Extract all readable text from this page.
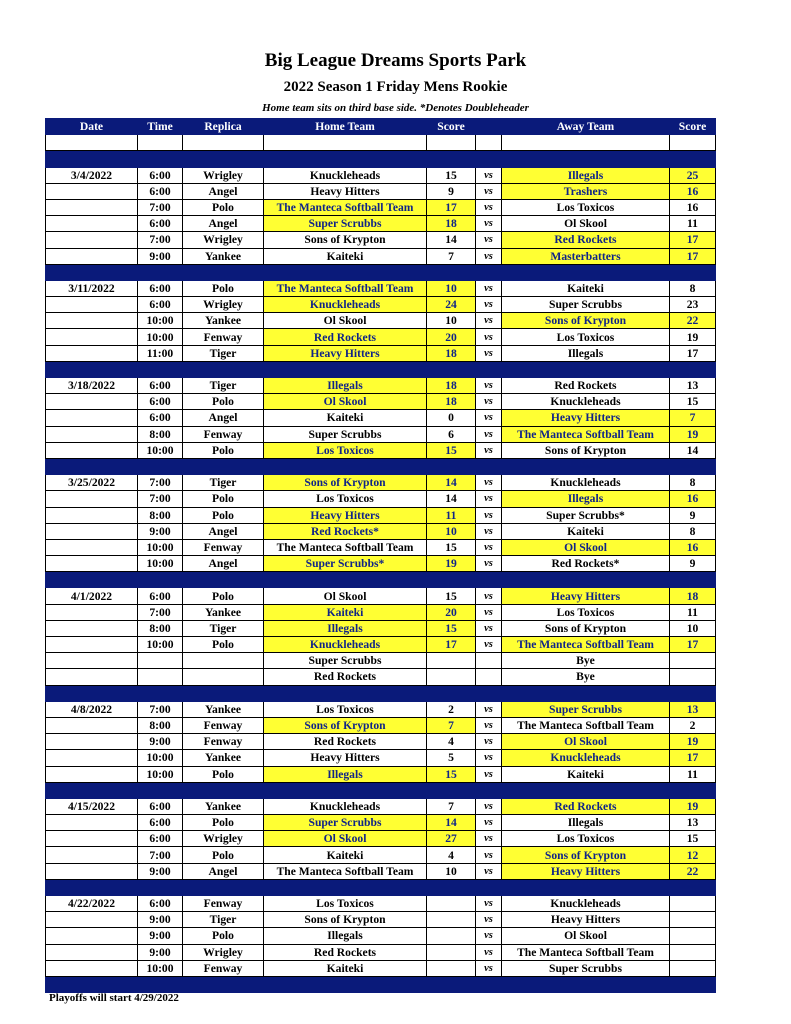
Big League Dreams Sports Park
2022 Season 1 Friday Mens Rookie
Home team sits on third base side. *Denotes Doubleheader
Date	Time	Replica	Home Team	Score		Away Team	Score

3/4/2022	6:00	Wrigley	Knuckleheads	15	vs	Illegals	25
	6:00	Angel	Heavy Hitters	9	vs	Trashers	16
	7:00	Polo	The Manteca Softball Team	17	vs	Los Toxicos	16
	6:00	Angel	Super Scrubbs	18	vs	Ol Skool	11
	7:00	Wrigley	Sons of Krypton	14	vs	Red Rockets	17
	9:00	Yankee	Kaiteki	7	vs	Masterbatters	17

3/11/2022	6:00	Polo	The Manteca Softball Team	10	vs	Kaiteki	8
	6:00	Wrigley	Knuckleheads	24	vs	Super Scrubbs	23
	10:00	Yankee	Ol Skool	10	vs	Sons of Krypton	22
	10:00	Fenway	Red Rockets	20	vs	Los Toxicos	19
	11:00	Tiger	Heavy Hitters	18	vs	Illegals	17

3/18/2022	6:00	Tiger	Illegals	18	vs	Red Rockets	13
	6:00	Polo	Ol Skool	18	vs	Knuckleheads	15
	6:00	Angel	Kaiteki	0	vs	Heavy Hitters	7
	8:00	Fenway	Super Scrubbs	6	vs	The Manteca Softball Team	19
	10:00	Polo	Los Toxicos	15	vs	Sons of Krypton	14

3/25/2022	7:00	Tiger	Sons of Krypton	14	vs	Knuckleheads	8
	7:00	Polo	Los Toxicos	14	vs	Illegals	16
	8:00	Polo	Heavy Hitters	11	vs	Super Scrubbs*	9
	9:00	Angel	Red Rockets*	10	vs	Kaiteki	8
	10:00	Fenway	The Manteca Softball Team	15	vs	Ol Skool	16
	10:00	Angel	Super Scrubbs*	19	vs	Red Rockets*	9

4/1/2022	6:00	Polo	Ol Skool	15	vs	Heavy Hitters	18
	7:00	Yankee	Kaiteki	20	vs	Los Toxicos	11
	8:00	Tiger	Illegals	15	vs	Sons of Krypton	10
	10:00	Polo	Knuckleheads	17	vs	The Manteca Softball Team	17
			Super Scrubbs			Bye	
			Red Rockets			Bye	

4/8/2022	7:00	Yankee	Los Toxicos	2	vs	Super Scrubbs	13
	8:00	Fenway	Sons of Krypton	7	vs	The Manteca Softball Team	2
	9:00	Fenway	Red Rockets	4	vs	Ol Skool	19
	10:00	Yankee	Heavy Hitters	5	vs	Knuckleheads	17
	10:00	Polo	Illegals	15	vs	Kaiteki	11

4/15/2022	6:00	Yankee	Knuckleheads	7	vs	Red Rockets	19
	6:00	Polo	Super Scrubbs	14	vs	Illegals	13
	6:00	Wrigley	Ol Skool	27	vs	Los Toxicos	15
	7:00	Polo	Kaiteki	4	vs	Sons of Krypton	12
	9:00	Angel	The Manteca Softball Team	10	vs	Heavy Hitters	22

4/22/2022	6:00	Fenway	Los Toxicos		vs	Knuckleheads	
	9:00	Tiger	Sons of Krypton		vs	Heavy Hitters	
	9:00	Polo	Illegals		vs	Ol Skool	
	9:00	Wrigley	Red Rockets		vs	The Manteca Softball Team	
	10:00	Fenway	Kaiteki		vs	Super Scrubbs	

Playoffs will start 4/29/2022
